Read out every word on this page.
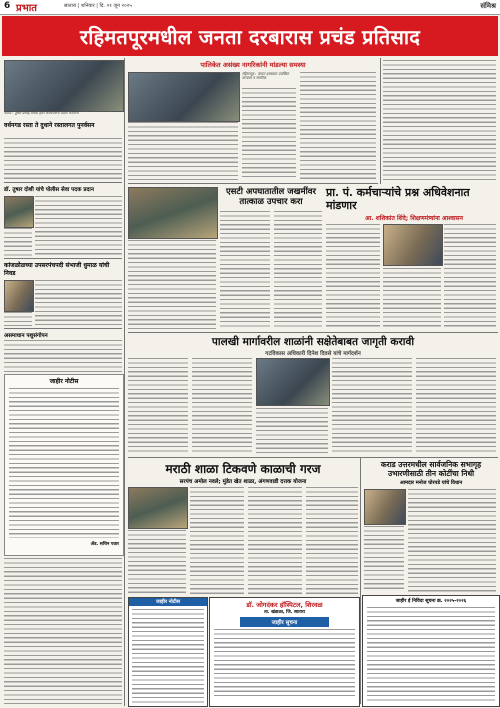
6 प्रभात	सातारा | शनिवार | दि. २१ जून २०२५	संमिश्र
रहिमतपूरमधील जनता दरबारास प्रचंड प्रतिसाद
कराड : तुषार देसाई यांच्या हस्ते करारपत्राचे प्रदान करताना
वर्धनगड रस्ता ते दुधाने रस्तालगत पुनर्वसन
डॉ. तुषार दोशी यांचे पोलीस सेवा पदक प्रदान
कांजळोळच्या उपसरपंचपदी संभाजी धुमाळ यांची निवड
असमाधान पशुसंगोपन
जाहीर नोटीस
ॲड. सचिन पवार
पालिकेत असंख्य नागरिकांनी मांडल्या समस्या
रहिमतपूर : जनता दरबारात उपस्थित मान्यवर व नागरिक
एसटी अपघातातील जखमींवर तात्काळ उपचार करा
प्रा. पं. कर्मचाऱ्यांचे प्रश्न अधिवेशनात मांडणार
आ. शशिकांत शिंदे; शिक्षणमंत्र्यांना आश्वासन
पालखी मार्गावरील शाळांनी सक्षेतेबाबत जागृती करावी
गटविकास अधिकारी दिनेश दिवसे यांचे मार्गदर्शन
मराठी शाळा टिकवणे काळाची गरज
सरपंच अमोल नवले; मुंडेत खेत शाळा, अंगणवाडी दत्तक योजना
कराड उत्तरमधील सार्वजनिक सभागृह उभारणीसाठी तीन कोटींचा निधी
आमदार मनोज घोरपडे यांचे विधान
जाहीर नोटीस	डॉ. जोगदंकर हॉस्पिटल, शिरवळ
ता. खंडाळा, जि. सातारा
जाहीर सूचना
जाहीर ई निविदा सूचना क्र. २०२५-२०२६
